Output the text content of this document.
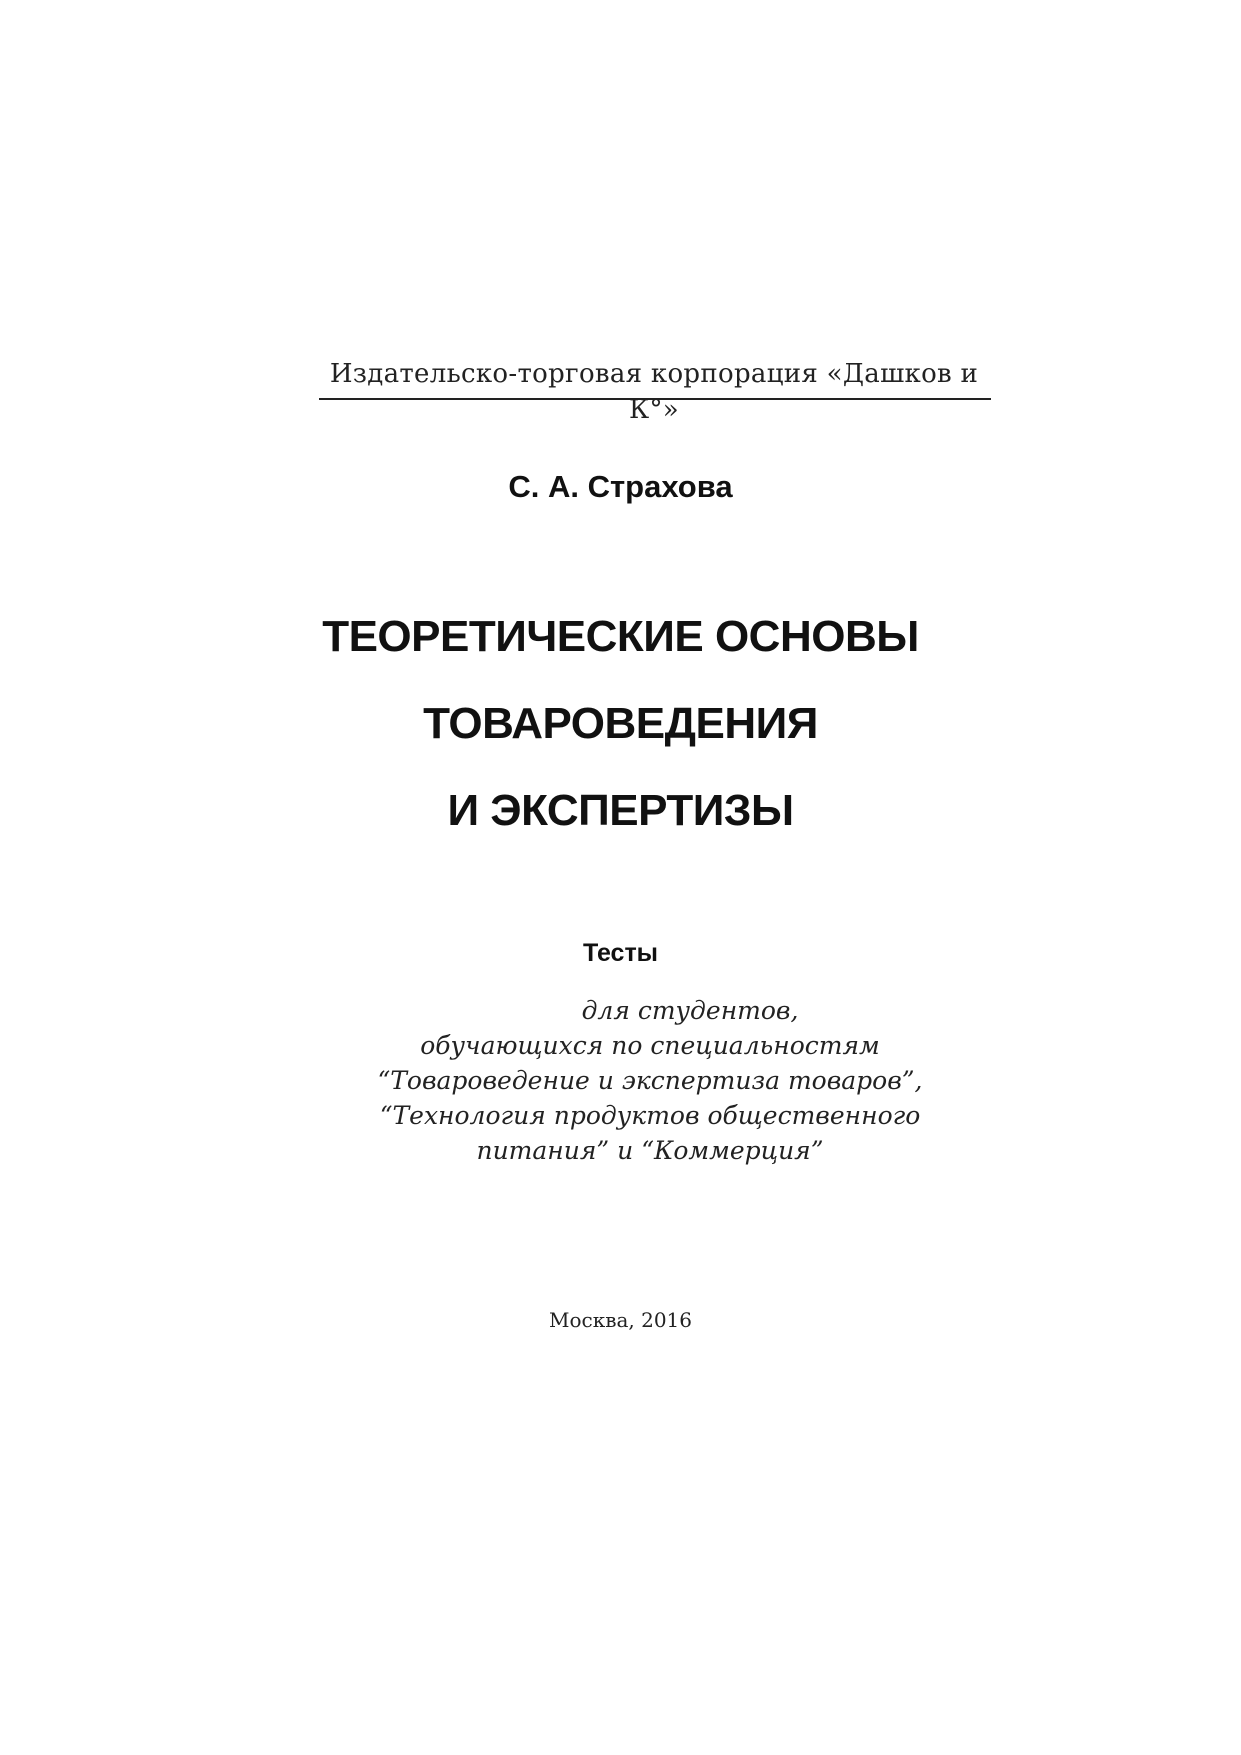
Издательско-торговая корпорация «Дашков и К°»
С. А. Страхова
ТЕОРЕТИЧЕСКИЕ ОСНОВЫ
ТОВАРОВЕДЕНИЯ
И ЭКСПЕРТИЗЫ
Тесты
для студентов,
обучающихся по специальностям
“Товароведение и экспертиза товаров”,
“Технология продуктов общественного
питания” и “Коммерция”
Москва, 2016
